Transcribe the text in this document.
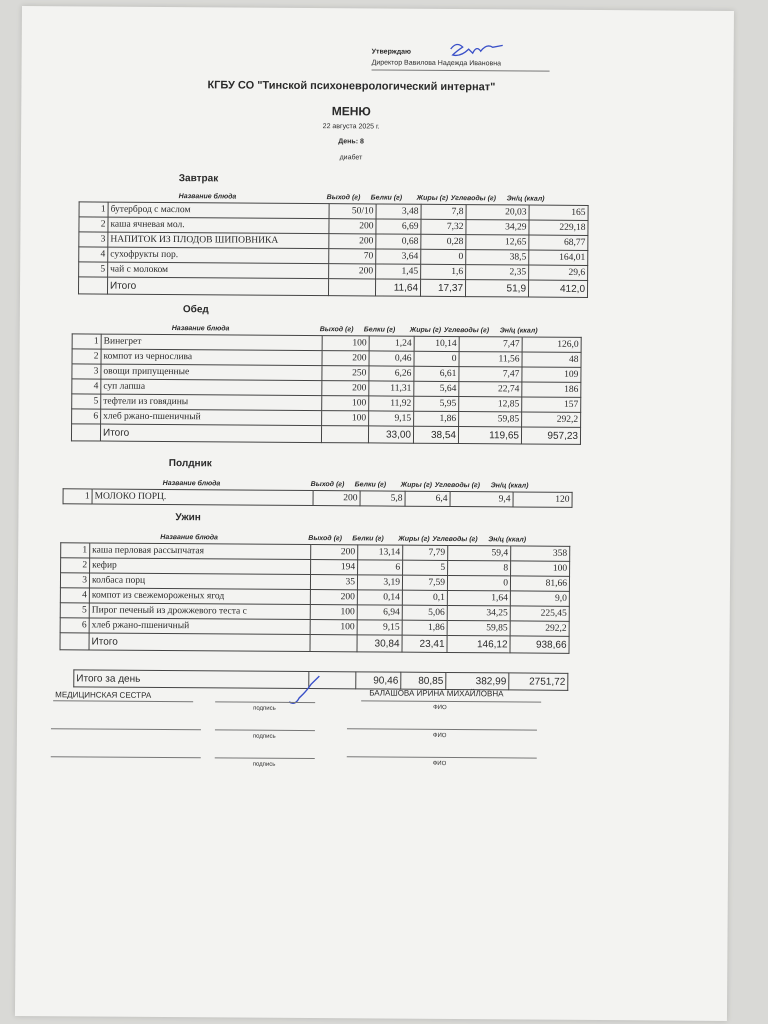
Утверждаю
Директор Вавилова Надежда Ивановна
КГБУ СО "Тинской психоневрологический интернат"
МЕНЮ
22 августа 2025 г.
День: 8
диабет
Завтрак
Название блюда	Выход (г) Белки (г) Жиры (г) Углеводы (г) Эн/ц (ккал)
1	бутерброд с маслом	50/10	3,48	7,8	20,03	165
2	каша ячневая мол.	200	6,69	7,32	34,29	229,18
3	НАПИТОК ИЗ ПЛОДОВ ШИПОВНИКА	200	0,68	0,28	12,65	68,77
4	сухофрукты пор.	70	3,64	0	38,5	164,01
5	чай с молоком	200	1,45	1,6	2,35	29,6
	Итого		11,64	17,37	51,9	412,0
Обед
Название блюда	Выход (г) Белки (г) Жиры (г) Углеводы (г) Эн/ц (ккал)
1	Винегрет	100	1,24	10,14	7,47	126,0
2	компот из чернослива	200	0,46	0	11,56	48
3	овощи припущенные	250	6,26	6,61	7,47	109
4	суп лапша	200	11,31	5,64	22,74	186
5	тефтели из говядины	100	11,92	5,95	12,85	157
6	хлеб ржано-пшеничный	100	9,15	1,86	59,85	292,2
	Итого		33,00	38,54	119,65	957,23
Полдник
Название блюда	Выход (г) Белки (г) Жиры (г) Углеводы (г) Эн/ц (ккал)
1	МОЛОКО ПОРЦ.	200	5,8	6,4	9,4	120
Ужин
Название блюда	Выход (г) Белки (г) Жиры (г) Углеводы (г) Эн/ц (ккал)
1	каша перловая рассыпчатая	200	13,14	7,79	59,4	358
2	кефир	194	6	5	8	100
3	колбаса порц	35	3,19	7,59	0	81,66
4	компот из свежемороженых ягод	200	0,14	0,1	1,64	9,0
5	Пирог печеный из дрожжевого теста с	100	6,94	5,06	34,25	225,45
6	хлеб ржано-пшеничный	100	9,15	1,86	59,85	292,2
	Итого		30,84	23,41	146,12	938,66
Итого за день		90,46	80,85	382,99	2751,72
МЕДИЦИНСКАЯ СЕСТРА	БАЛАШОВА ИРИНА МИХАЙЛОВНА
подпись	ФИО
подпись	ФИО
подпись	ФИО
